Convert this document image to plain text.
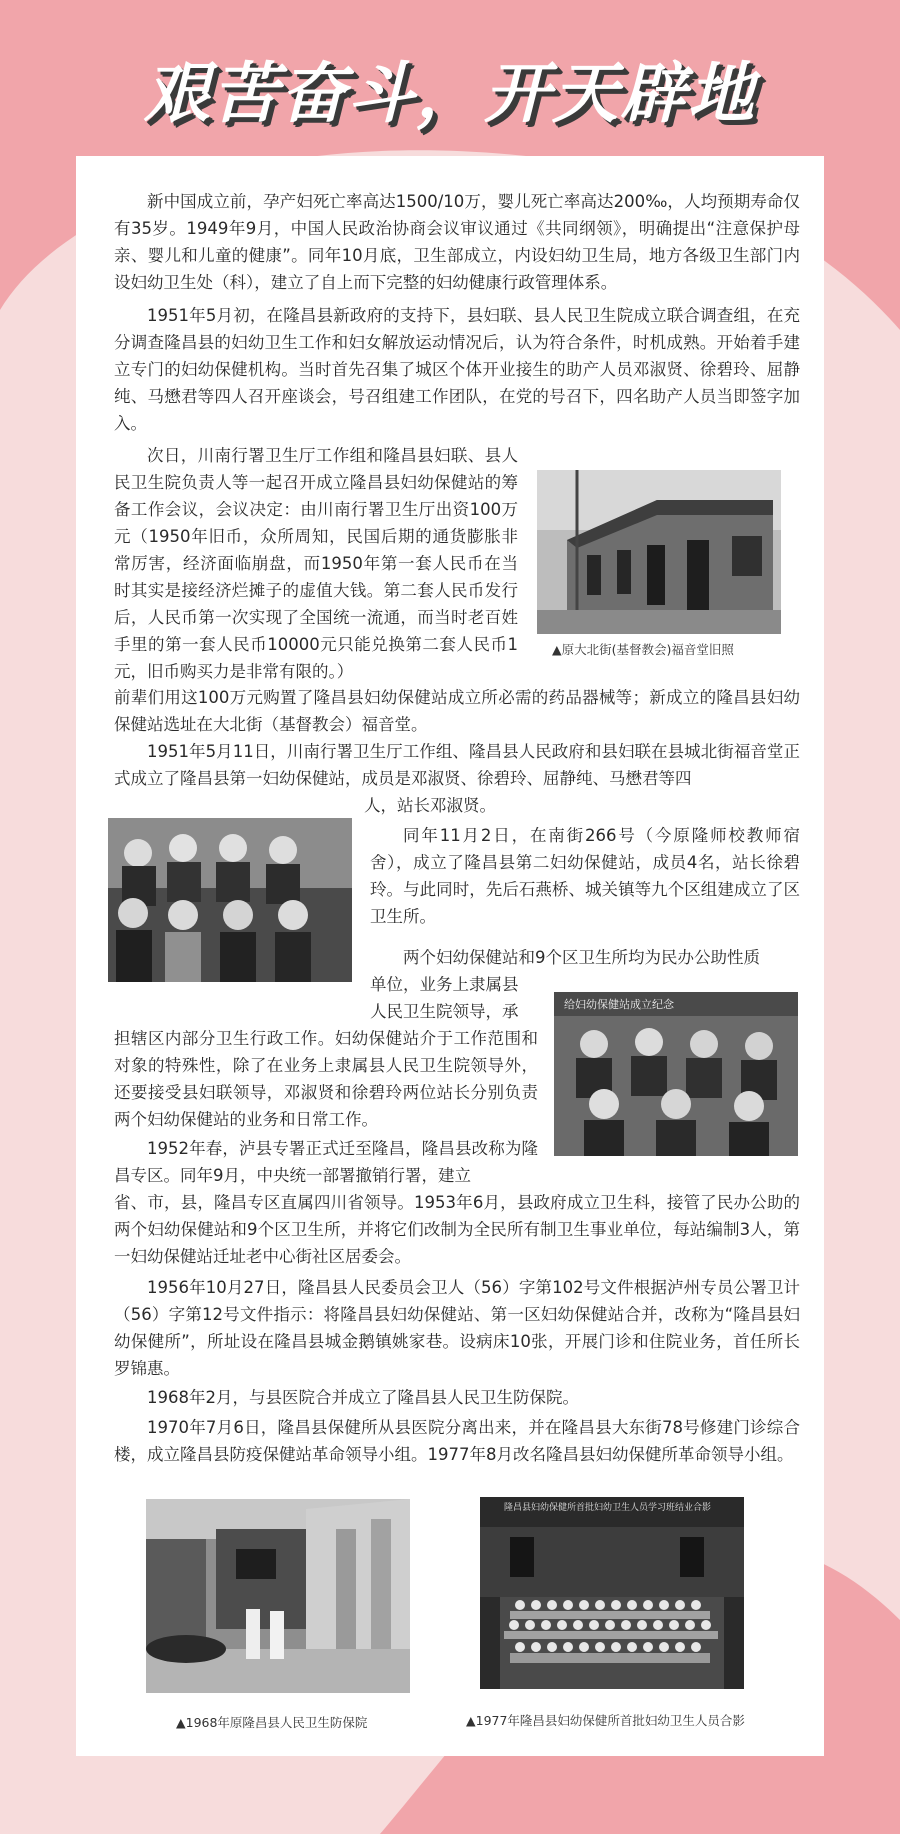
艰苦奋斗，开天辟地

新中国成立前，孕产妇死亡率高达1500/10万，婴儿死亡率高达200‰，人均预期寿命仅有35岁。1949年9月，中国人民政治协商会议审议通过《共同纲领》，明确提出“注意保护母亲、婴儿和儿童的健康”。同年10月底，卫生部成立，内设妇幼卫生局，地方各级卫生部门内设妇幼卫生处（科），建立了自上而下完整的妇幼健康行政管理体系。

1951年5月初，在隆昌县新政府的支持下，县妇联、县人民卫生院成立联合调查组，在充分调查隆昌县的妇幼卫生工作和妇女解放运动情况后，认为符合条件，时机成熟。开始着手建立专门的妇幼保健机构。当时首先召集了城区个体开业接生的助产人员邓淑贤、徐碧玲、屈静纯、马懋君等四人召开座谈会，号召组建工作团队，在党的号召下，四名助产人员当即签字加入。

次日，川南行署卫生厅工作组和隆昌县妇联、县人民卫生院负责人等一起召开成立隆昌县妇幼保健站的筹备工作会议，会议决定：由川南行署卫生厅出资100万元（1950年旧币，众所周知，民国后期的通货膨胀非常厉害，经济面临崩盘，而1950年第一套人民币在当时其实是接经济烂摊子的虚值大钱。第二套人民币发行后，人民币第一次实现了全国统一流通，而当时老百姓手里的第一套人民币10000元只能兑换第二套人民币1元，旧币购买力是非常有限的。）

前辈们用这100万元购置了隆昌县妇幼保健站成立所必需的药品器械等；新成立的隆昌县妇幼保健站选址在大北街（基督教会）福音堂。

▲原大北街(基督教会)福音堂旧照

1951年5月11日，川南行署卫生厅工作组、隆昌县人民政府和县妇联在县城北街福音堂正式成立了隆昌县第一妇幼保健站，成员是邓淑贤、徐碧玲、屈静纯、马懋君等四

人，站长邓淑贤。

同年11月2日，在南街266号（今原隆师校教师宿舍），成立了隆昌县第二妇幼保健站，成员4名，站长徐碧玲。与此同时，先后石燕桥、城关镇等九个区组建成立了区卫生所。

两个妇幼保健站和9个区卫生所均为民办公助性质

单位，业务上隶属县
人民卫生院领导，承

担辖区内部分卫生行政工作。妇幼保健站介于工作范围和对象的特殊性，除了在业务上隶属县人民卫生院领导外，还要接受县妇联领导，邓淑贤和徐碧玲两位站长分别负责两个妇幼保健站的业务和日常工作。

给妇幼保健站成立纪念

1952年春，泸县专署正式迁至隆昌，隆昌县改称为隆昌专区。同年9月，中央统一部署撤销行署，建立

省、市，县，隆昌专区直属四川省领导。1953年6月，县政府成立卫生科，接管了民办公助的两个妇幼保健站和9个区卫生所，并将它们改制为全民所有制卫生事业单位，每站编制3人，第一妇幼保健站迁址老中心街社区居委会。

1956年10月27日，隆昌县人民委员会卫人（56）字第102号文件根据泸州专员公署卫计（56）字第12号文件指示：将隆昌县妇幼保健站、第一区妇幼保健站合并，改称为“隆昌县妇幼保健所”，所址设在隆昌县城金鹅镇姚家巷。设病床10张，开展门诊和住院业务，首任所长罗锦惠。

1968年2月，与县医院合并成立了隆昌县人民卫生防保院。

1970年7月6日，隆昌县保健所从县医院分离出来，并在隆昌县大东街78号修建门诊综合楼，成立隆昌县防疫保健站革命领导小组。1977年8月改名隆昌县妇幼保健所革命领导小组。

▲1968年原隆昌县人民卫生防保院
隆昌县妇幼保健所首批妇幼卫生人员学习班结业合影
▲1977年隆昌县妇幼保健所首批妇幼卫生人员合影
